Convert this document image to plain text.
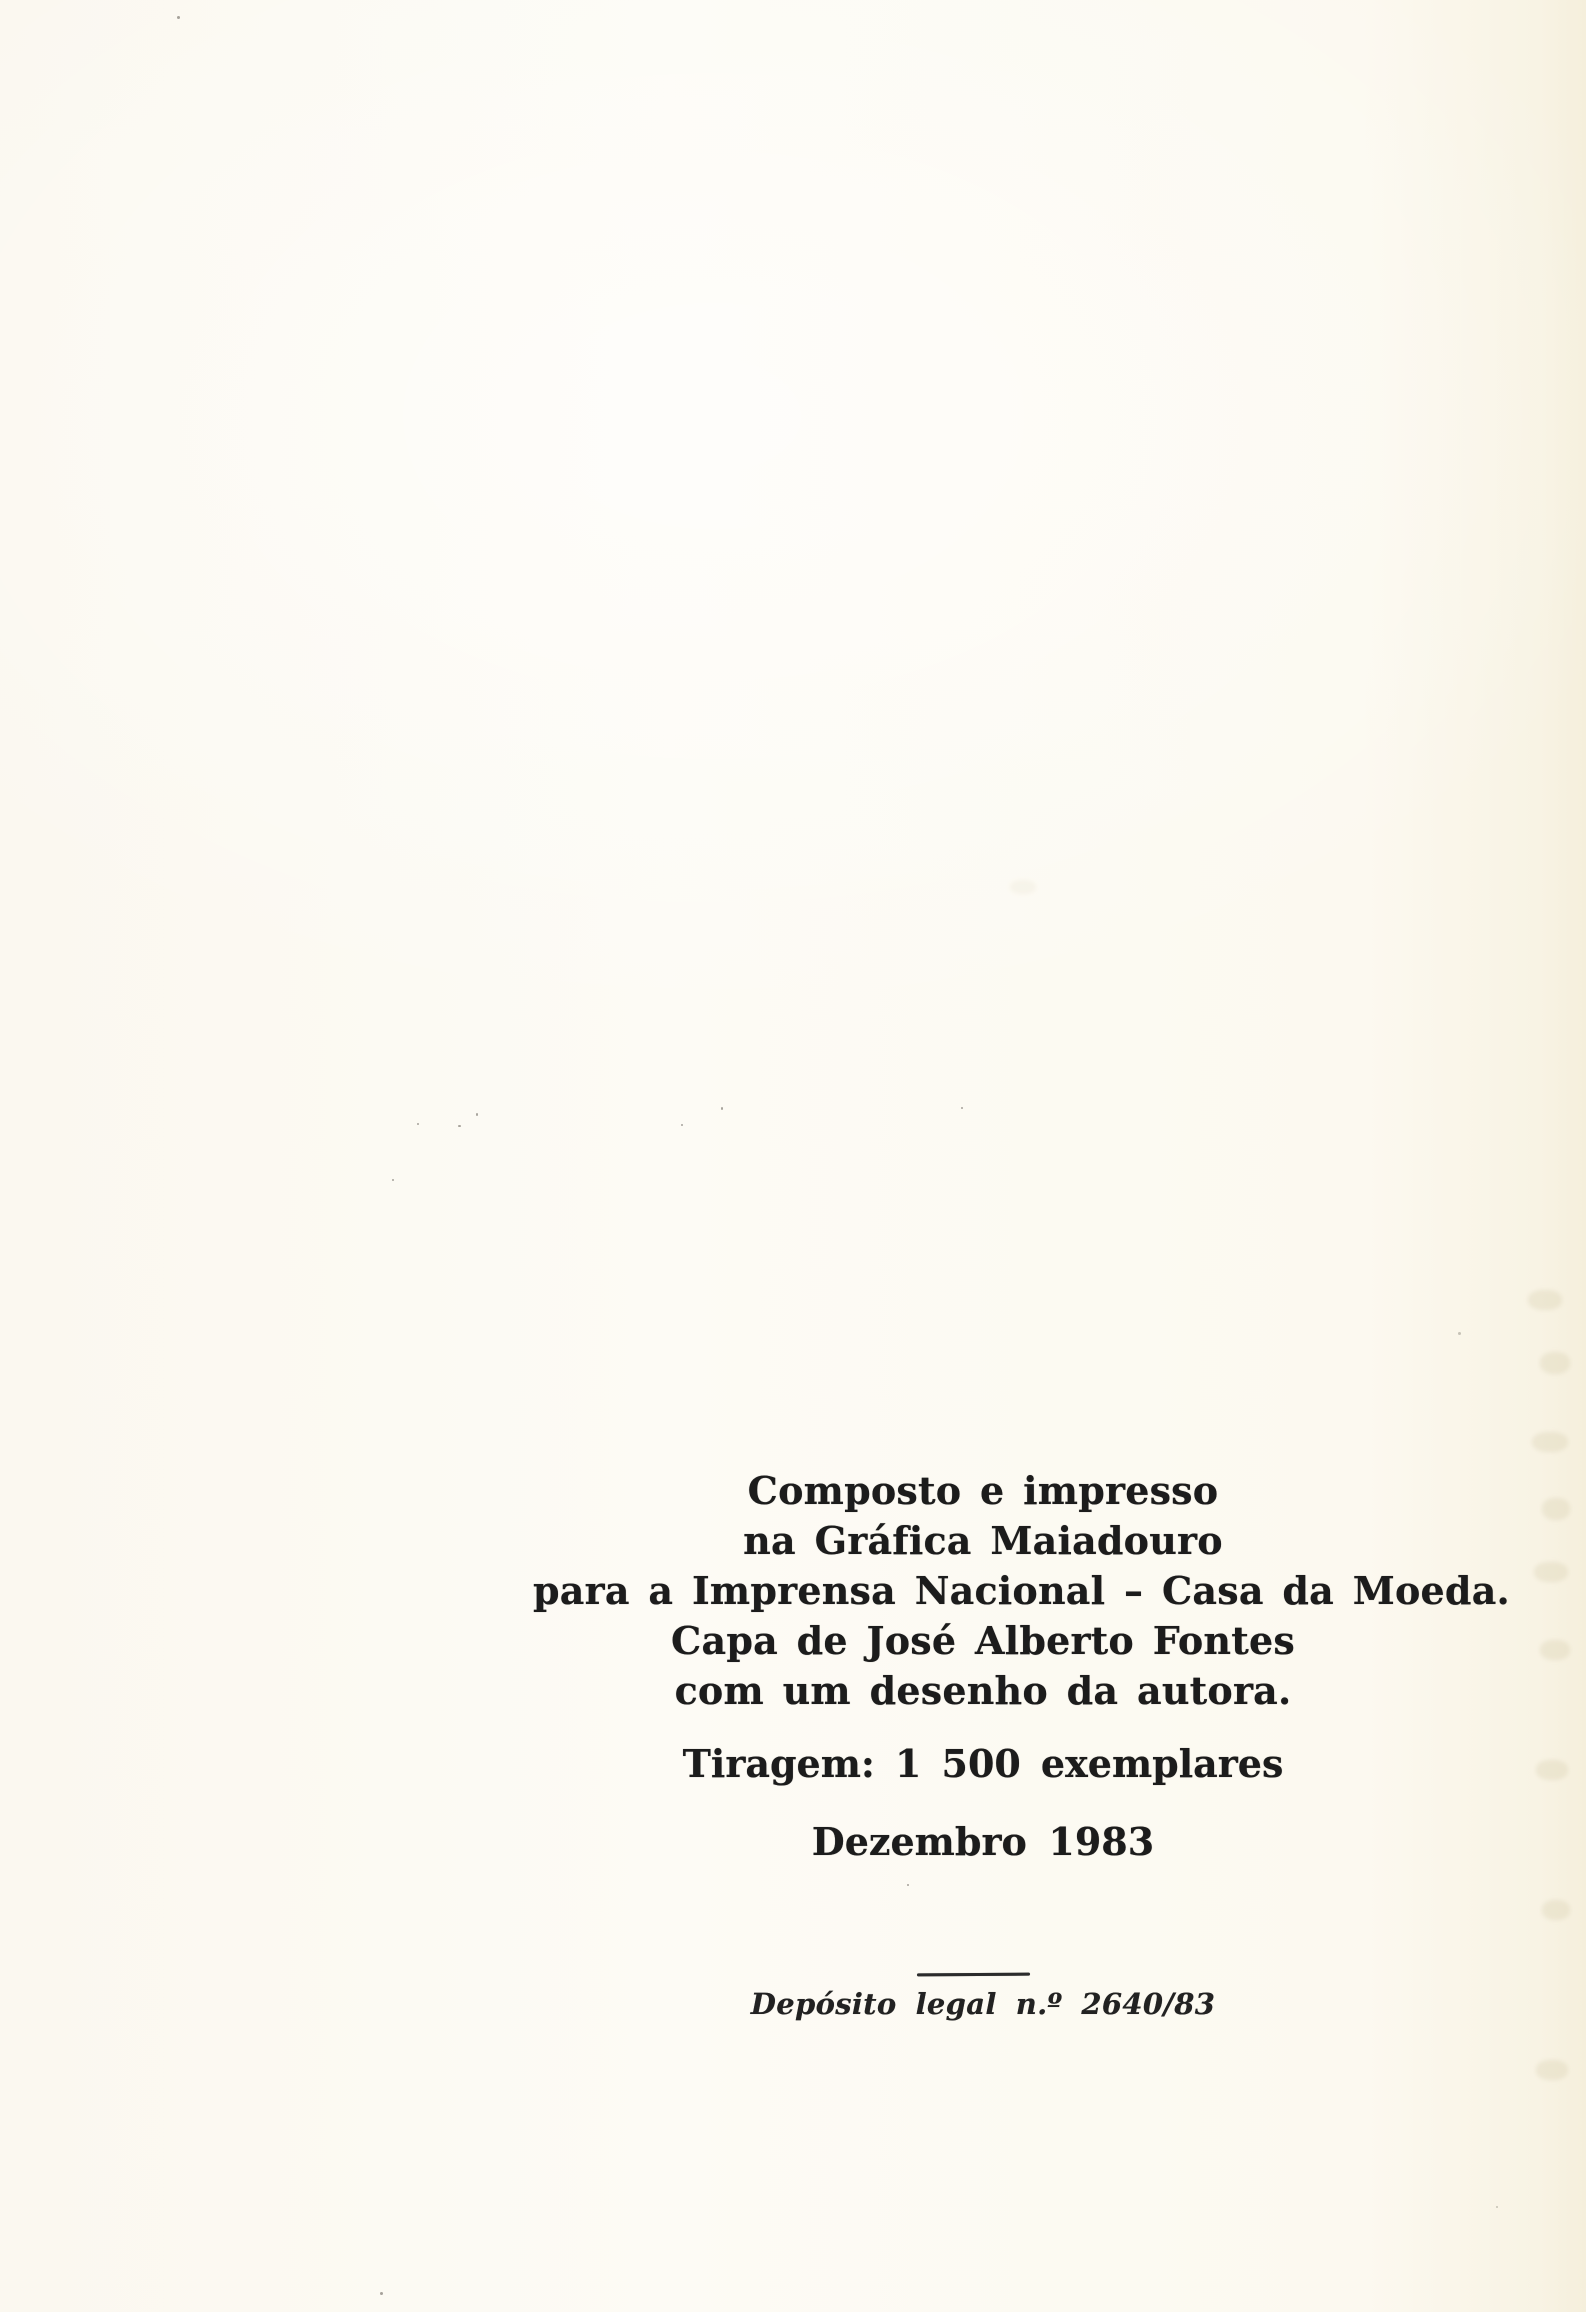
Composto e impresso
na Gráfica Maiadouro
para a Imprensa Nacional – Casa da Moeda.
Capa de José Alberto Fontes
com um desenho da autora.
Tiragem: 1 500 exemplares
Dezembro 1983
Depósito legal n.º 2640/83
